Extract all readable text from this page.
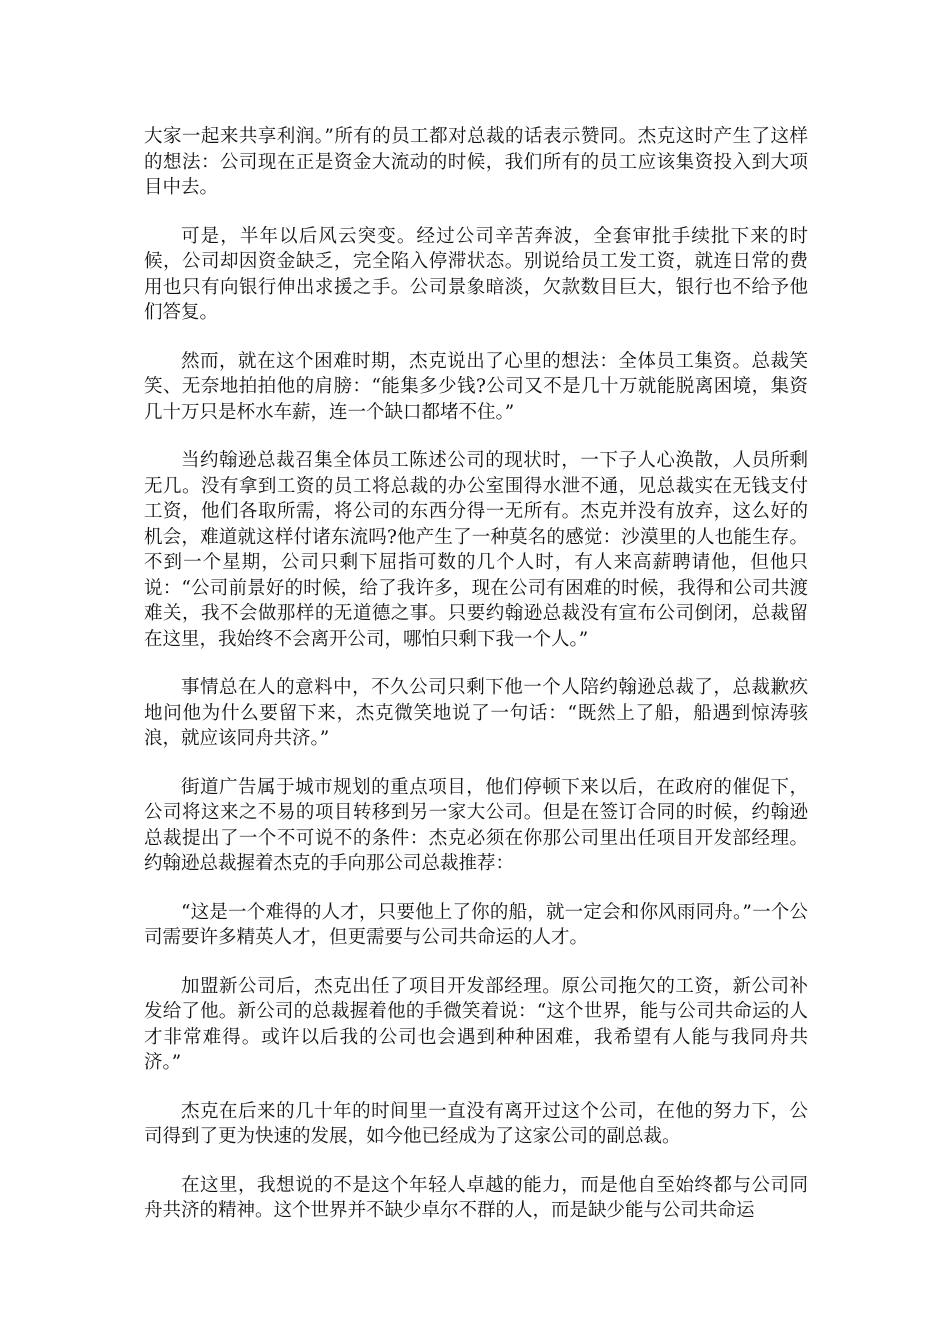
大家一起来共享利润。”所有的员工都对总裁的话表示赞同。杰克这时产生了这样的想法：公司现在正是资金大流动的时候，我们所有的员工应该集资投入到大项目中去。

可是，半年以后风云突变。经过公司辛苦奔波，全套审批手续批下来的时候，公司却因资金缺乏，完全陷入停滞状态。别说给员工发工资，就连日常的费用也只有向银行伸出求援之手。公司景象暗淡，欠款数目巨大，银行也不给予他们答复。

然而，就在这个困难时期，杰克说出了心里的想法：全体员工集资。总裁笑笑、无奈地拍拍他的肩膀：“能集多少钱?公司又不是几十万就能脱离困境，集资几十万只是杯水车薪，连一个缺口都堵不住。”

当约翰逊总裁召集全体员工陈述公司的现状时，一下子人心涣散，人员所剩无几。没有拿到工资的员工将总裁的办公室围得水泄不通，见总裁实在无钱支付工资，他们各取所需，将公司的东西分得一无所有。杰克并没有放弃，这么好的机会，难道就这样付诸东流吗?他产生了一种莫名的感觉：沙漠里的人也能生存。不到一个星期，公司只剩下屈指可数的几个人时，有人来高薪聘请他，但他只说：“公司前景好的时候，给了我许多，现在公司有困难的时候，我得和公司共渡难关，我不会做那样的无道德之事。只要约翰逊总裁没有宣布公司倒闭，总裁留在这里，我始终不会离开公司，哪怕只剩下我一个人。”

事情总在人的意料中，不久公司只剩下他一个人陪约翰逊总裁了，总裁歉疚地问他为什么要留下来，杰克微笑地说了一句话：“既然上了船，船遇到惊涛骇浪，就应该同舟共济。”

街道广告属于城市规划的重点项目，他们停顿下来以后，在政府的催促下，公司将这来之不易的项目转移到另一家大公司。但是在签订合同的时候，约翰逊总裁提出了一个不可说不的条件：杰克必须在你那公司里出任项目开发部经理。约翰逊总裁握着杰克的手向那公司总裁推荐：

“这是一个难得的人才，只要他上了你的船，就一定会和你风雨同舟。”一个公司需要许多精英人才，但更需要与公司共命运的人才。

加盟新公司后，杰克出任了项目开发部经理。原公司拖欠的工资，新公司补发给了他。新公司的总裁握着他的手微笑着说：“这个世界，能与公司共命运的人才非常难得。或许以后我的公司也会遇到种种困难，我希望有人能与我同舟共济。”

杰克在后来的几十年的时间里一直没有离开过这个公司，在他的努力下，公司得到了更为快速的发展，如今他已经成为了这家公司的副总裁。

在这里，我想说的不是这个年轻人卓越的能力，而是他自至始终都与公司同舟共济的精神。这个世界并不缺少卓尔不群的人，而是缺少能与公司共命运
